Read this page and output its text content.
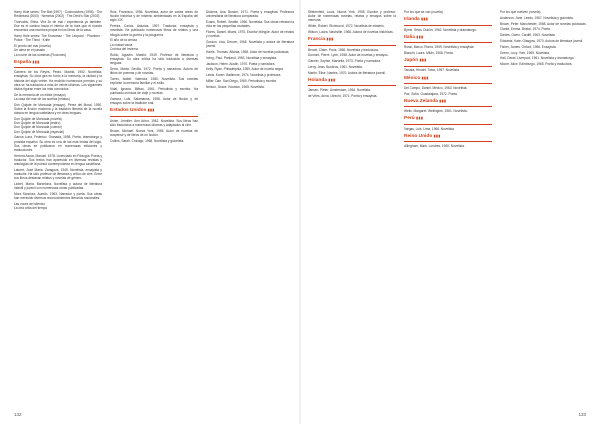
Harry Hole series: The Bat (1997) · Cockroaches (1998) · The Redbreast (2000) · Nemesis (2002) · The Devil's Star (2003)

Thorvalds, Ebba. Vira 3e de mai / experiencia yo tambien. Ese es el camino hacia el interior de la hora que el mundo encuentra una escritura propia en los libros de la casa.

Harry Hole series: The Snowman · The Leopard · Phantom · Police · The Thirst · Knife

El pronto del mar (novela)
Un alma en el pasado
La noche de las sombras (Ficciones)

España ▮▮▮

Cabrera de los Reyes, Pedro. Madrid, 1952. Novelista, ensayista. Su obra gira en torno a la memoria, la ciudad y la historia del siglo veinte. Ha recibido numerosos premios y su obra se ha traducido a más de veinte idiomas. Los siguientes títulos figuran entre los más conocidos.

De la memoria de un editor (ensayo)
La casa del mar de los sueños (relatos)

Don Quijote de Moncada (ensayo). Pérez del Moral, 1950. Sobre la ficción moderna y la tradición literaria de la novela clásica en lengua castellana y en otras lenguas.

Don Quijote de Moncada (novela)
Don Quijote de Moncada (teatro)
Don Quijote de Moncada (cuento)
Don Quijote de Moncada (especial)

García Luna, Federico. Granada, 1898. Poeta, dramaturgo y prosista español. Su obra es una de las más leídas del siglo. Sus obras se publicaron en numerosas ediciones y traducciones.

Herrera Aznar, Manuel. 1978. Licenciado en Filología. Poeta y traductor. Sus textos han aparecido en diversas revistas y antologías de la poesía contemporánea en lengua castellana.

Latorre, José María. Zaragoza, 1945. Novelista, ensayista y traductor. Ha sido profesor de literatura y crítico de cine. Entre sus libros destacan relatos y novelas de género.

Llobet, María. Barcelona. Novelista y autora de literatura infantil y juvenil con numerosas obras publicadas.

Mora Sánchez, Aurelio. 1963. Narrador y poeta. Sus obras han merecido diversos reconocimientos literarios nacionales.

Las voces del silencio
La otra orilla del tiempo

Ruiz, Francisco. 1956. Novelista, autor de varias obras de ficción histórica y de misterio ambientadas en la España del siglo XIX.

Pereira, Carlos. Asturias, 1967. Traductor, ensayista y novelista. Ha publicado numerosos libros de relatos y una trilogía sobre la guerra y la posguerra.

El año de la ceniza
La ciudad vacía
Crónica del invierno

Rubio, Agustín. Madrid, 1949. Profesor de literatura y ensayista. Su obra crítica ha sido traducida a diversas lenguas.

Serra, Marta. Sevilla, 1972. Poeta y narradora. Autora de libros de poemas y de novelas.

Torres, Isabel. Valencia, 1980. Novelista. Sus novelas exploran la memoria familiar y el exilio.

Vidal, Ignacio. Bilbao, 1961. Periodista y escritor. Ha publicado crónicas de viaje y novelas.

Zamora, Luis. Salamanca, 1958. Autor de ficción y de ensayos sobre la tradición oral.

Estados Unidos ▮▮▮

Asher, Jennifer. Ann Arbor, 1962. Novelista. Sus libros han sido traducidos a numerosos idiomas y adaptados al cine.

Brown, Michael. Nueva York, 1955. Autor de novelas de suspense y de libros de no ficción.

Collins, Sarah. Chicago, 1968. Novelista y guionista.

Dickens, Ana. Boston, 1971. Poeta y ensayista. Profesora universitaria de literatura comparada.

Evans, Robert. Seattle, 1960. Novelista. Sus obras retratan la vida en las pequeñas ciudades.

Flores, Daniel. Miami, 1975. Escritor bilingüe. Autor de relatos y novelas.

Gordon, Lisa. Denver, 1966. Novelista y autora de literatura juvenil.

Harris, Thomas. Atlanta, 1958. Autor de novelas policiacas.

Irving, Paul. Portland, 1963. Novelista y ensayista.

Jackson, Helen. Austin, 1970. Poeta y narradora.

Kelly, Ryan. Philadelphia, 1959. Autor de novela negra.

Lewis, Karen. Baltimore, 1974. Novelista y profesora.

Miller, Dan. San Diego, 1969. Periodista y escritor.

Nelson, Grace. Houston, 1965. Novelista.

Stiebenfeld, Louis. Nueva York, 1955. Escritor y profesor. Autor de numerosas novelas, relatos y ensayos sobre la memoria.

White, Robert. Richmond, 1972. Novelista de misterio.

Wilson, Laura. Nashville, 1968. Autora de novelas históricas.

Francia ▮▮▮

Benoit, Claire. París, 1966. Novelista y traductora.

Dumont, Pierre. Lyon, 1958. Autor de novelas y ensayos.

Garnier, Sophie. Marsella, 1973. Poeta y narradora.

Leroy, Jean. Burdeos, 1961. Novelista.

Martin, Élise. Nantes, 1970. Autora de literatura juvenil.

Holanda ▮▮▮

Jansen, Pieter. Ámsterdam, 1964. Novelista.

de Vries, Anna. Utrecht, 1971. Poeta y ensayista.

Por los que se van (novela)

Irlanda ▮▮▮

Byrne, Sean. Dublín, 1962. Novelista y dramaturgo.

Italia ▮▮▮

Rossi, Marco. Roma, 1959. Novelista y ensayista.

Bianchi, Laura. Milán, 1968. Poeta.

Japón ▮▮▮

Tanaka, Hiroshi. Tokio, 1957. Novelista.

México ▮▮▮

Del Campo, Daniel. México, 1963. Novelista.

Paz, Sofía. Guadalajara, 1972. Poeta.

Nueva Zelanda ▮▮▮

Wells, Margaret. Wellington, 1961. Novelista.

Perú ▮▮▮

Vargas, Luis. Lima, 1966. Novelista.

Reino Unido ▮▮▮

Allingham, Mark. Londres, 1960. Novelista.

Por los que vuelven (novela)

Anderson, Jane. Leeds, 1967. Novelista y guionista.

Brown, Peter. Manchester, 1958. Autor de novelas policiacas.

Clarke, Emma. Bristol, 1974. Poeta.

Davies, Owen. Cardiff, 1963. Novelista.

Edwards, Kate. Glasgow, 1970. Autora de literatura juvenil.

Fisher, James. Oxford, 1956. Ensayista.

Green, Lucy. York, 1969. Novelista.

Hall, David. Liverpool, 1961. Novelista y dramaturgo.

Moore, Alice. Edimburgo, 1965. Poeta y traductora.

132	133
